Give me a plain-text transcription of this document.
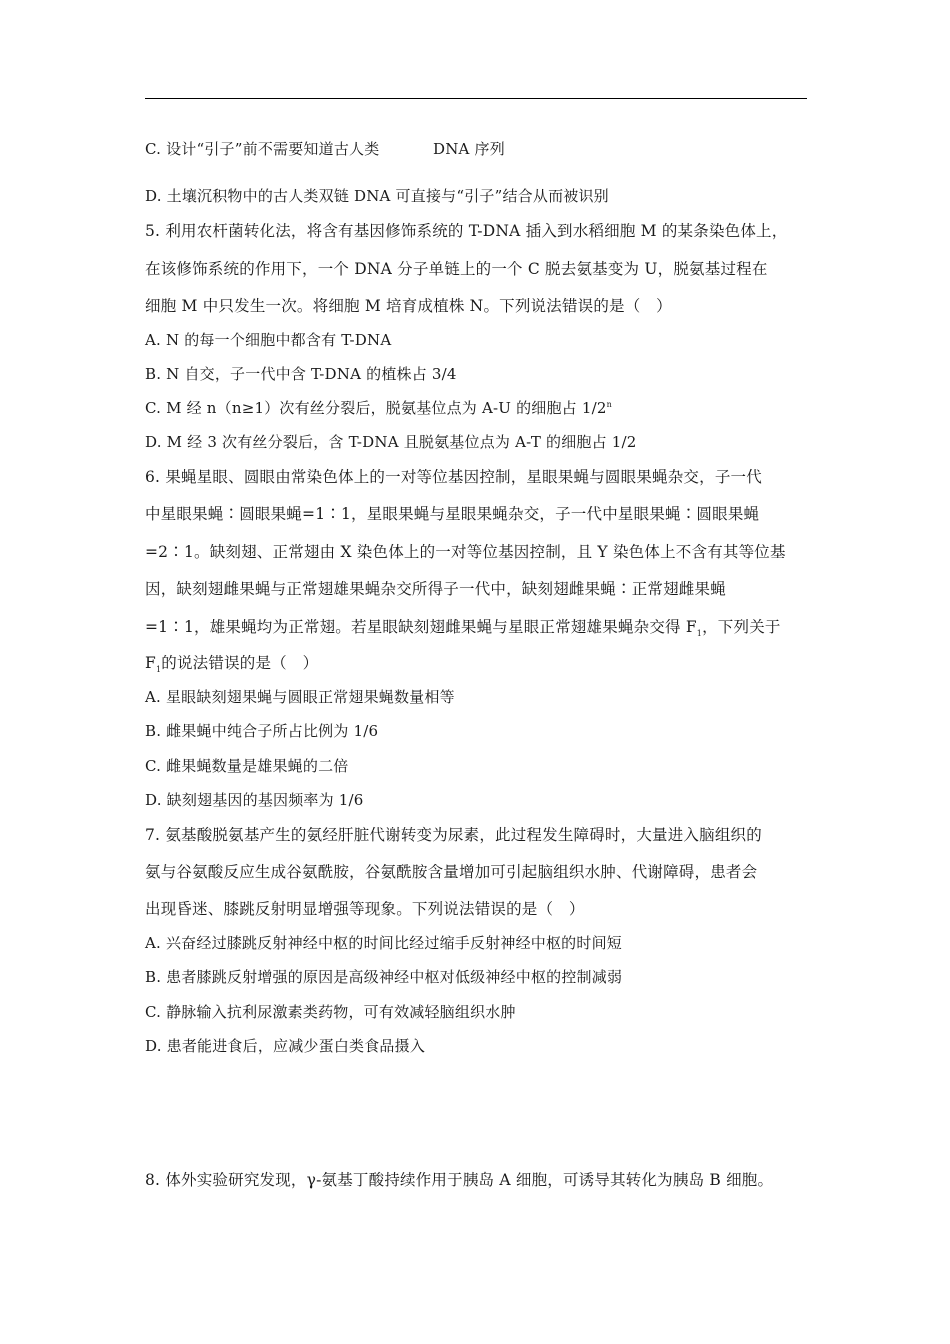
C. 设计“引子”前不需要知道古人类	DNA 序列
D. 土壤沉积物中的古人类双链 DNA 可直接与“引子”结合从而被识别
5. 利用农杆菌转化法，将含有基因修饰系统的 T-DNA 插入到水稻细胞 M 的某条染色体上，
在该修饰系统的作用下，一个 DNA 分子单链上的一个 C 脱去氨基变为 U，脱氨基过程在
细胞 M 中只发生一次。将细胞 M 培育成植株 N。下列说法错误的是（　）
A. N 的每一个细胞中都含有 T-DNA
B. N 自交，子一代中含 T-DNA 的植株占 3/4
C. M 经 n（n≥1）次有丝分裂后，脱氨基位点为 A-U 的细胞占 1/2$^n$
D. M 经 3 次有丝分裂后，含 T-DNA 且脱氨基位点为 A-T 的细胞占 1/2
6. 果蝇星眼、圆眼由常染色体上的一对等位基因控制，星眼果蝇与圆眼果蝇杂交，子一代
中星眼果蝇∶圆眼果蝇=1∶1，星眼果蝇与星眼果蝇杂交，子一代中星眼果蝇∶圆眼果蝇
=2∶1。缺刻翅、正常翅由 X 染色体上的一对等位基因控制，且 Y 染色体上不含有其等位基
因，缺刻翅雌果蝇与正常翅雄果蝇杂交所得子一代中，缺刻翅雌果蝇∶正常翅雌果蝇
=1∶1，雄果蝇均为正常翅。若星眼缺刻翅雌果蝇与星眼正常翅雄果蝇杂交得 $F_1$，下列关于
$F_1$的说法错误的是（　）
A. 星眼缺刻翅果蝇与圆眼正常翅果蝇数量相等
B. 雌果蝇中纯合子所占比例为 1/6
C. 雌果蝇数量是雄果蝇的二倍
D. 缺刻翅基因的基因频率为 1/6
7. 氨基酸脱氨基产生的氨经肝脏代谢转变为尿素，此过程发生障碍时，大量进入脑组织的
氨与谷氨酸反应生成谷氨酰胺，谷氨酰胺含量增加可引起脑组织水肿、代谢障碍，患者会
出现昏迷、膝跳反射明显增强等现象。下列说法错误的是（　）
A. 兴奋经过膝跳反射神经中枢的时间比经过缩手反射神经中枢的时间短
B. 患者膝跳反射增强的原因是高级神经中枢对低级神经中枢的控制减弱
C. 静脉输入抗利尿激素类药物，可有效减轻脑组织水肿
D. 患者能进食后，应减少蛋白类食品摄入
8. 体外实验研究发现，γ-氨基丁酸持续作用于胰岛 A 细胞，可诱导其转化为胰岛 B 细胞。
